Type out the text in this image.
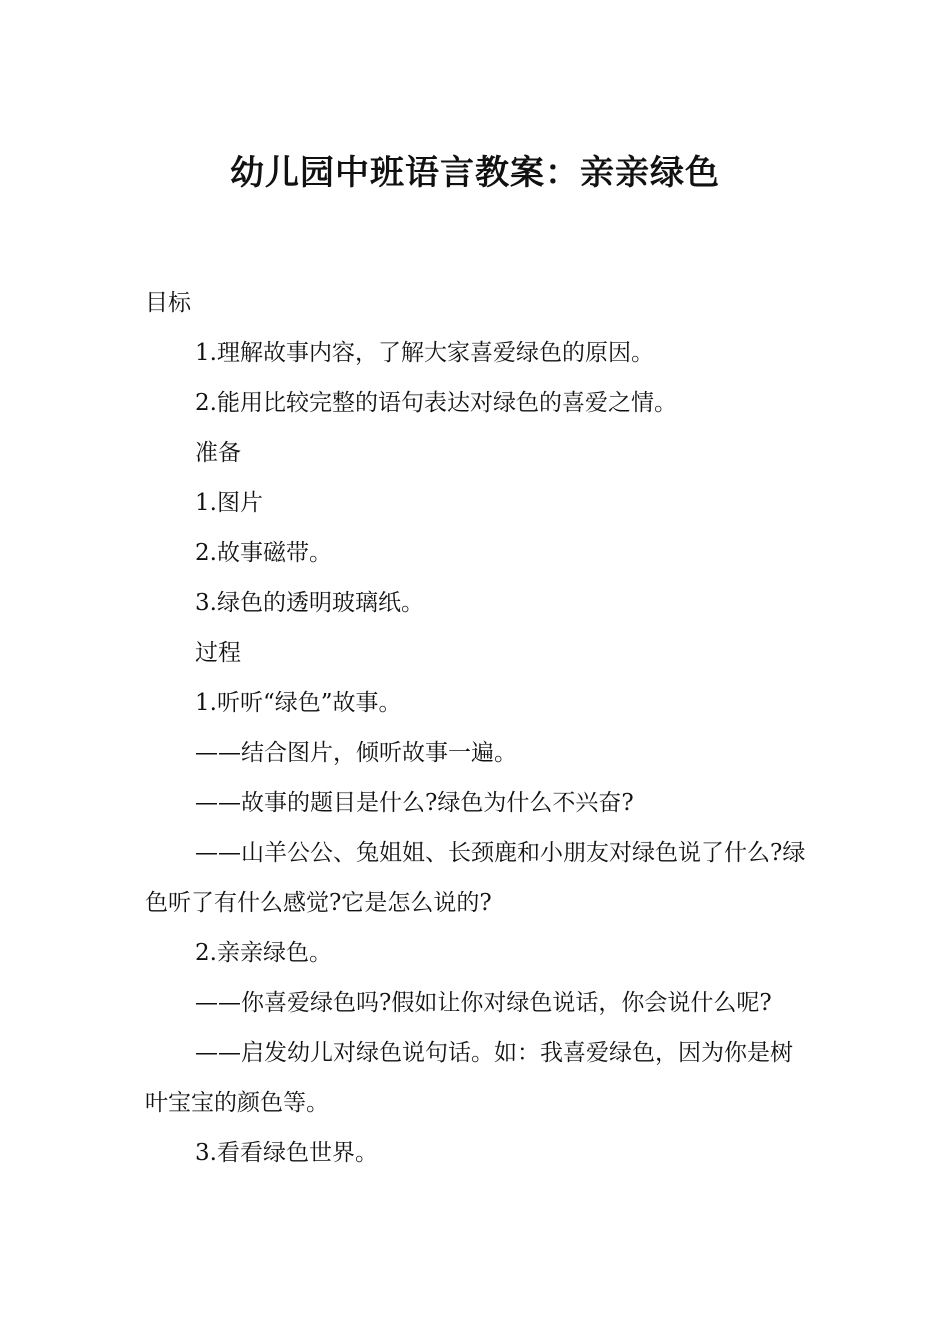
幼儿园中班语言教案：亲亲绿色

目标

1.理解故事内容，了解大家喜爱绿色的原因。

2.能用比较完整的语句表达对绿色的喜爱之情。

准备

1.图片

2.故事磁带。

3.绿色的透明玻璃纸。

过程

1.听听“绿色”故事。

——结合图片，倾听故事一遍。

——故事的题目是什么?绿色为什么不兴奋?

——山羊公公、兔姐姐、长颈鹿和小朋友对绿色说了什么?绿色听了有什么感觉?它是怎么说的?

2.亲亲绿色。

——你喜爱绿色吗?假如让你对绿色说话，你会说什么呢?

——启发幼儿对绿色说句话。如：我喜爱绿色，因为你是树叶宝宝的颜色等。

3.看看绿色世界。
